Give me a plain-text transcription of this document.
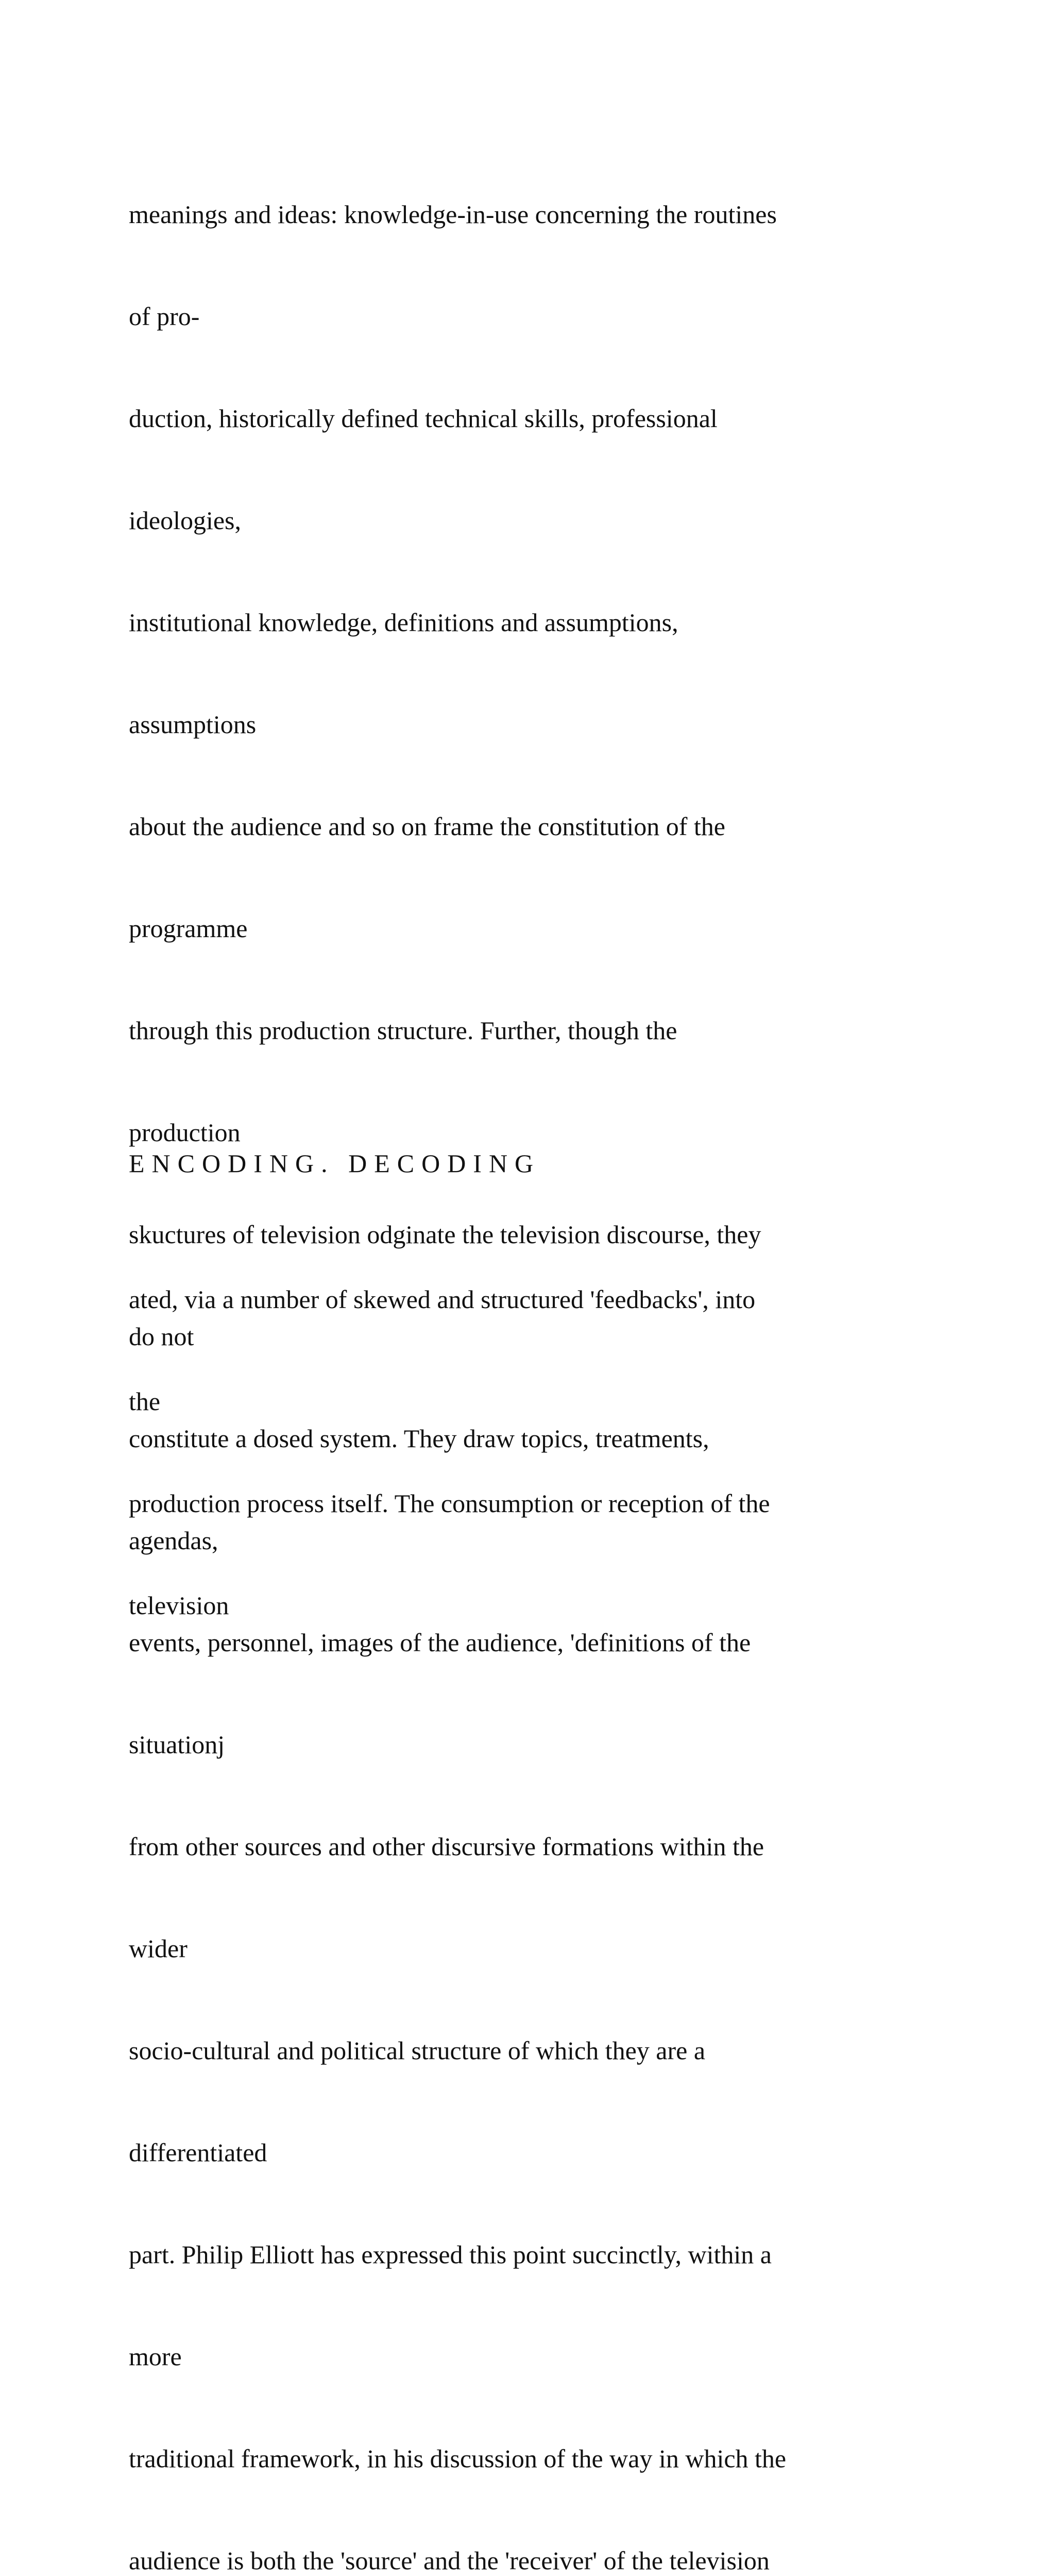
meanings and ideas: knowledge-in-use concerning the routines

of pro-

duction, historically defined technical skills, professional

ideologies,

institutional knowledge, definitions and assumptions,

assumptions

about the audience and so on frame the constitution of the

programme

through this production structure. Further, though the

production

skuctures of television odginate the television discourse, they

do not

constitute a dosed system. They draw topics, treatments,

agendas,

events, personnel, images of the audience, 'definitions of the

situationj

from other sources and other discursive formations within the

wider

socio-cultural and political structure of which they are a

differentiated

part. Philip Elliott has expressed this point succinctly, within a

more

traditional framework, in his discussion of the way in which the

audience is both the 'source' and the 'receiver' of the television

ENCODING. DECODING

ated, via a number of skewed and structured 'feedbacks', into

the

production process itself. The consumption or reception of the

television
